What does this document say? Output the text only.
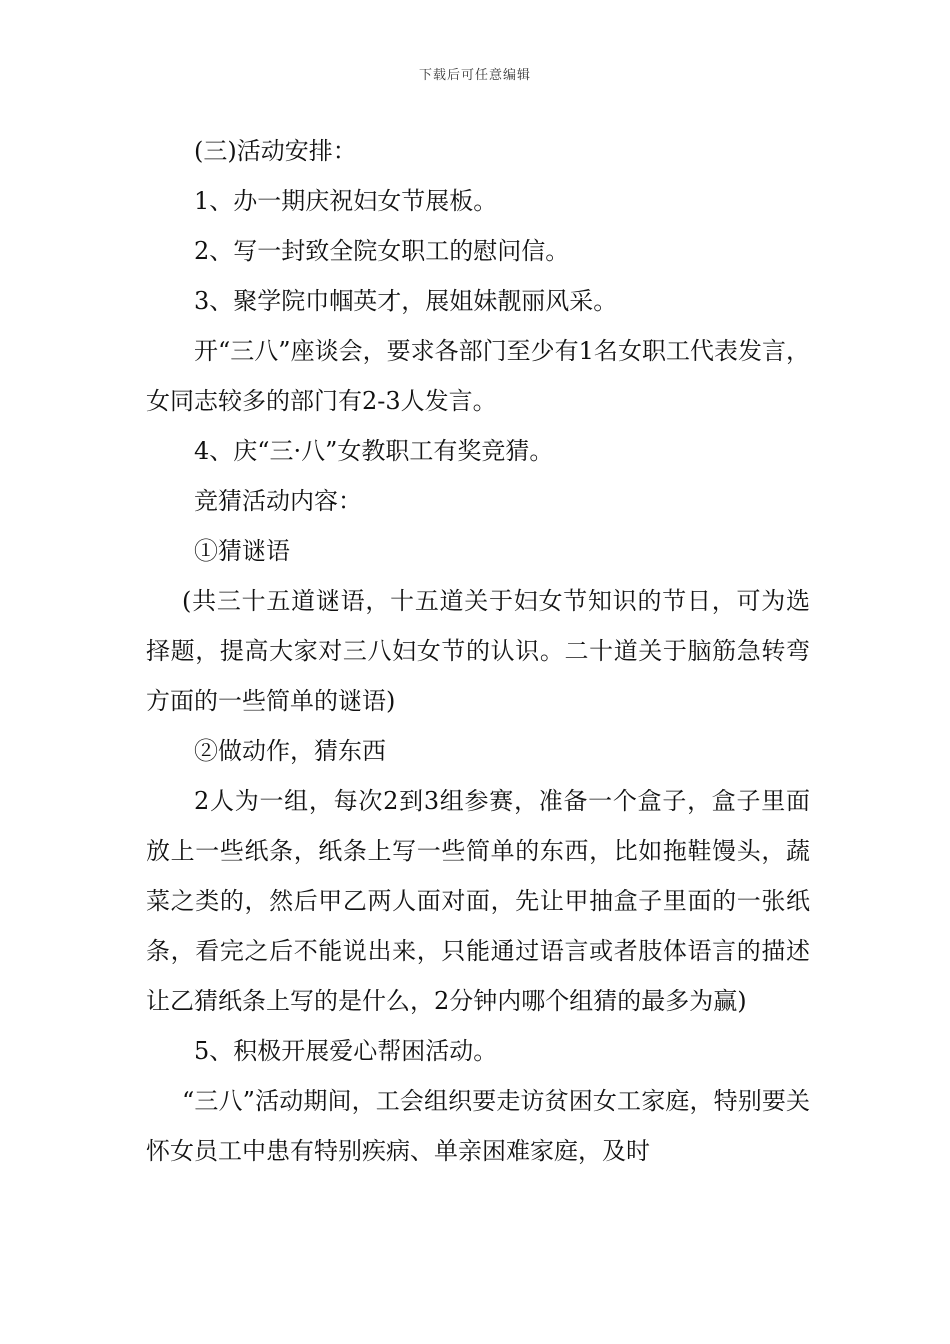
下载后可任意编辑

(三)活动安排：

1、办一期庆祝妇女节展板。

2、写一封致全院女职工的慰问信。

3、聚学院巾帼英才，展姐妹靓丽风采。

开“三八”座谈会，要求各部门至少有1名女职工代表发言，女同志较多的部门有2-3人发言。

4、庆“三·八”女教职工有奖竞猜。

竞猜活动内容：

①猜谜语

(共三十五道谜语，十五道关于妇女节知识的节日，可为选择题，提高大家对三八妇女节的认识。二十道关于脑筋急转弯方面的一些简单的谜语)

②做动作，猜东西

2人为一组，每次2到3组参赛，准备一个盒子，盒子里面放上一些纸条，纸条上写一些简单的东西，比如拖鞋馒头，蔬菜之类的，然后甲乙两人面对面，先让甲抽盒子里面的一张纸条，看完之后不能说出来，只能通过语言或者肢体语言的描述让乙猜纸条上写的是什么，2分钟内哪个组猜的最多为赢)

5、积极开展爱心帮困活动。

“三八”活动期间，工会组织要走访贫困女工家庭，特别要关怀女员工中患有特别疾病、单亲困难家庭，及时
